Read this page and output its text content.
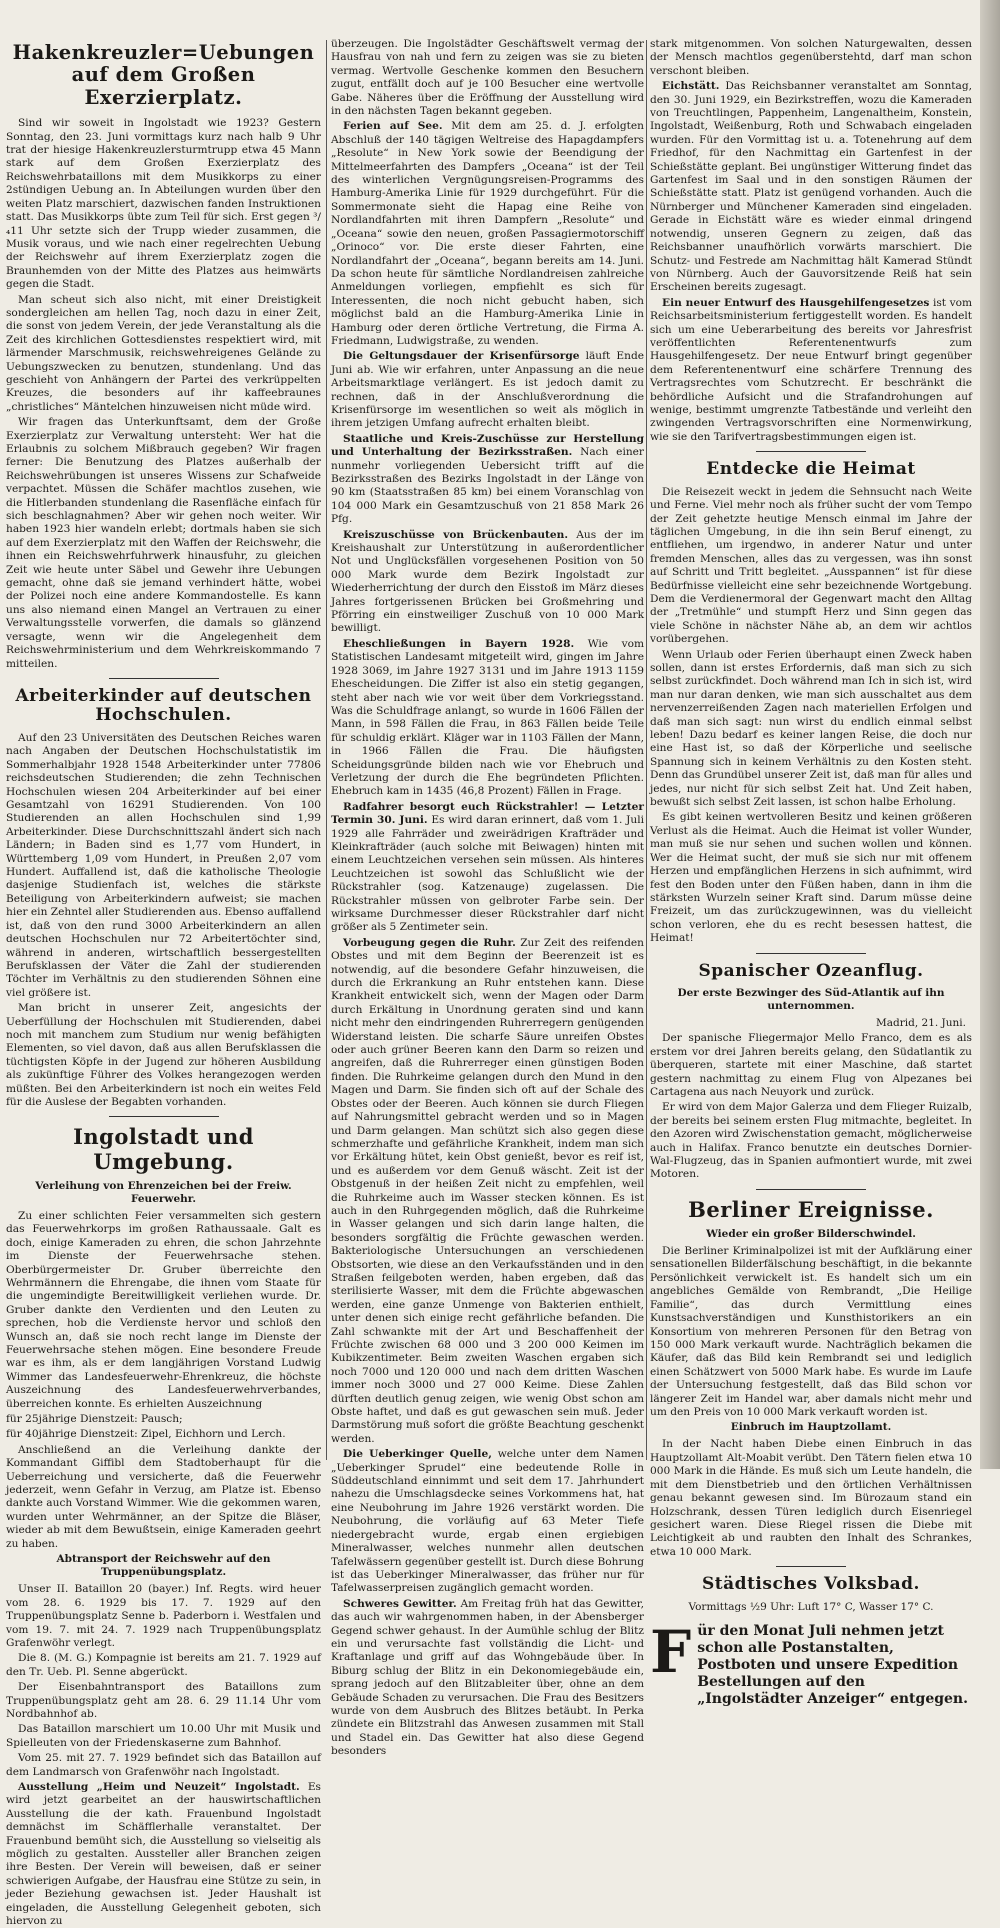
Hakenkreuzler=Uebungen auf dem Großen Exerzierplatz.

Sind wir soweit in Ingolstadt wie 1923? Gestern Sonntag, den 23. Juni vormittags kurz nach halb 9 Uhr trat der hiesige Hakenkreuzlersturmtrupp etwa 45 Mann stark auf dem Großen Exerzierplatz des Reichswehrbataillons mit dem Musikkorps zu einer 2stündigen Uebung an. In Abteilungen wurden über den weiten Platz marschiert, dazwischen fanden Instruktionen statt. Das Musikkorps übte zum Teil für sich. Erst gegen ³/₄11 Uhr setzte sich der Trupp wieder zusammen, die Musik voraus, und wie nach einer regelrechten Uebung der Reichswehr auf ihrem Exerzierplatz zogen die Braunhemden von der Mitte des Platzes aus heimwärts gegen die Stadt.

Man scheut sich also nicht, mit einer Dreistigkeit sondergleichen am hellen Tag, noch dazu in einer Zeit, die sonst von jedem Verein, der jede Veranstaltung als die Zeit des kirchlichen Gottesdienstes respektiert wird, mit lärmender Marschmusik, reichswehreigenes Gelände zu Uebungszwecken zu benutzen, stundenlang. Und das geschieht von Anhängern der Partei des verkrüppelten Kreuzes, die besonders auf ihr kaffeebraunes „christliches“ Mäntelchen hinzuweisen nicht müde wird.

Wir fragen das Unterkunftsamt, dem der Große Exerzierplatz zur Verwaltung untersteht: Wer hat die Erlaubnis zu solchem Mißbrauch gegeben? Wir fragen ferner: Die Benutzung des Platzes außerhalb der Reichswehrübungen ist unseres Wissens zur Schafweide verpachtet. Müssen die Schäfer machtlos zusehen, wie die Hitlerbanden stundenlang die Rasenfläche einfach für sich beschlagnahmen? Aber wir gehen noch weiter. Wir haben 1923 hier wandeln erlebt; dortmals haben sie sich auf dem Exerzierplatz mit den Waffen der Reichswehr, die ihnen ein Reichswehrfuhrwerk hinausfuhr, zu gleichen Zeit wie heute unter Säbel und Gewehr ihre Uebungen gemacht, ohne daß sie jemand verhindert hätte, wobei der Polizei noch eine andere Kommandostelle. Es kann uns also niemand einen Mangel an Vertrauen zu einer Verwaltungsstelle vorwerfen, die damals so glänzend versagte, wenn wir die Angelegenheit dem Reichswehrministerium und dem Wehrkreiskommando 7 mitteilen.

Arbeiterkinder auf deutschen Hochschulen.

Auf den 23 Universitäten des Deutschen Reiches waren nach Angaben der Deutschen Hochschulstatistik im Sommerhalbjahr 1928 1548 Arbeiterkinder unter 77806 reichsdeutschen Studierenden; die zehn Technischen Hochschulen wiesen 204 Arbeiterkinder auf bei einer Gesamtzahl von 16291 Studierenden. Von 100 Studierenden an allen Hochschulen sind 1,99 Arbeiterkinder. Diese Durchschnittszahl ändert sich nach Ländern; in Baden sind es 1,77 vom Hundert, in Württemberg 1,09 vom Hundert, in Preußen 2,07 vom Hundert. Auffallend ist, daß die katholische Theologie dasjenige Studienfach ist, welches die stärkste Beteiligung von Arbeiterkindern aufweist; sie machen hier ein Zehntel aller Studierenden aus. Ebenso auffallend ist, daß von den rund 3000 Arbeiterkindern an allen deutschen Hochschulen nur 72 Arbeitertöchter sind, während in anderen, wirtschaftlich bessergestellten Berufsklassen der Väter die Zahl der studierenden Töchter im Verhältnis zu den studierenden Söhnen eine viel größere ist.

Man bricht in unserer Zeit, angesichts der Ueberfüllung der Hochschulen mit Studierenden, dabei noch mit manchem zum Studium nur wenig befähigten Elementen, so viel davon, daß aus allen Berufsklassen die tüchtigsten Köpfe in der Jugend zur höheren Ausbildung als zukünftige Führer des Volkes herangezogen werden müßten. Bei den Arbeiterkindern ist noch ein weites Feld für die Auslese der Begabten vorhanden.

Ingolstadt und Umgebung.
Verleihung von Ehrenzeichen bei der Freiw. Feuerwehr.

Zu einer schlichten Feier versammelten sich gestern das Feuerwehrkorps im großen Rathaussaale. Galt es doch, einige Kameraden zu ehren, die schon Jahrzehnte im Dienste der Feuerwehrsache stehen. Oberbürgermeister Dr. Gruber überreichte den Wehrmännern die Ehrengabe, die ihnen vom Staate für die ungemindigte Bereitwilligkeit verliehen wurde. Dr. Gruber dankte den Verdienten und den Leuten zu sprechen, hob die Verdienste hervor und schloß den Wunsch an, daß sie noch recht lange im Dienste der Feuerwehrsache stehen mögen. Eine besondere Freude war es ihm, als er dem langjährigen Vorstand Ludwig Wimmer das Landesfeuerwehr-Ehrenkreuz, die höchste Auszeichnung des Landesfeuerwehrverbandes, überreichen konnte. Es erhielten Auszeichnung

für 25jährige Dienstzeit: Pausch;

für 40jährige Dienstzeit: Zipel, Eichhorn und Lerch.

Anschließend an die Verleihung dankte der Kommandant Giffibl dem Stadtoberhaupt für die Ueberreichung und versicherte, daß die Feuerwehr jederzeit, wenn Gefahr in Verzug, am Platze ist. Ebenso dankte auch Vorstand Wimmer. Wie die gekommen waren, wurden unter Wehrmänner, an der Spitze die Bläser, wieder ab mit dem Bewußtsein, einige Kameraden geehrt zu haben.

Abtransport der Reichswehr auf den Truppenübungsplatz.

Unser II. Bataillon 20 (bayer.) Inf. Regts. wird heuer vom 28. 6. 1929 bis 17. 7. 1929 auf den Truppenübungsplatz Senne b. Paderborn i. Westfalen und vom 19. 7. mit 24. 7. 1929 nach Truppenübungsplatz Grafenwöhr verlegt.

Die 8. (M. G.) Kompagnie ist bereits am 21. 7. 1929 auf den Tr. Ueb. Pl. Senne abgerückt.

Der Eisenbahntransport des Bataillons zum Truppenübungsplatz geht am 28. 6. 29 11.14 Uhr vom Nordbahnhof ab.

Das Bataillon marschiert um 10.00 Uhr mit Musik und Spielleuten von der Friedenskaserne zum Bahnhof.

Vom 25. mit 27. 7. 1929 befindet sich das Bataillon auf dem Landmarsch von Grafenwöhr nach Ingolstadt.

Ausstellung „Heim und Neuzeit“ Ingolstadt. Es wird jetzt gearbeitet an der hauswirtschaftlichen Ausstellung die der kath. Frauenbund Ingolstadt demnächst im Schäfflerhalle veranstaltet. Der Frauenbund bemüht sich, die Ausstellung so vielseitig als möglich zu gestalten. Aussteller aller Branchen zeigen ihre Besten. Der Verein will beweisen, daß er seiner schwierigen Aufgabe, der Hausfrau eine Stütze zu sein, in jeder Beziehung gewachsen ist. Jeder Haushalt ist eingeladen, die Ausstellung Gelegenheit geboten, sich hiervon zu

überzeugen. Die Ingolstädter Geschäftswelt vermag der Hausfrau von nah und fern zu zeigen was sie zu bieten vermag. Wertvolle Geschenke kommen den Besuchern zugut, entfällt doch auf je 100 Besucher eine wertvolle Gabe. Näheres über die Eröffnung der Ausstellung wird in den nächsten Tagen bekannt gegeben.

Ferien auf See. Mit dem am 25. d. J. erfolgten Abschluß der 140 tägigen Weltreise des Hapagdampfers „Resolute“ in New York sowie der Beendigung der Mittelmeerfahrten des Dampfers „Oceana“ ist der Teil des winterlichen Vergnügungsreisen-Programms des Hamburg-Amerika Linie für 1929 durchgeführt. Für die Sommermonate sieht die Hapag eine Reihe von Nordlandfahrten mit ihren Dampfern „Resolute“ und „Oceana“ sowie den neuen, großen Passagiermotorschiff „Orinoco“ vor. Die erste dieser Fahrten, eine Nordlandfahrt der „Oceana“, begann bereits am 14. Juni. Da schon heute für sämtliche Nordlandreisen zahlreiche Anmeldungen vorliegen, empfiehlt es sich für Interessenten, die noch nicht gebucht haben, sich möglichst bald an die Hamburg-Amerika Linie in Hamburg oder deren örtliche Vertretung, die Firma A. Friedmann, Ludwigstraße, zu wenden.

Die Geltungsdauer der Krisenfürsorge läuft Ende Juni ab. Wie wir erfahren, unter Anpassung an die neue Arbeitsmarktlage verlängert. Es ist jedoch damit zu rechnen, daß in der Anschlußverordnung die Krisenfürsorge im wesentlichen so weit als möglich in ihrem jetzigen Umfang aufrecht erhalten bleibt.

Staatliche und Kreis-Zuschüsse zur Herstellung und Unterhaltung der Bezirksstraßen. Nach einer nunmehr vorliegenden Uebersicht trifft auf die Bezirksstraßen des Bezirks Ingolstadt in der Länge von 90 km (Staatsstraßen 85 km) bei einem Voranschlag von 104 000 Mark ein Gesamtzuschuß von 21 858 Mark 26 Pfg.

Kreiszuschüsse von Brückenbauten. Aus der im Kreishaushalt zur Unterstützung in außerordentlicher Not und Unglücksfällen vorgesehenen Position von 50 000 Mark wurde dem Bezirk Ingolstadt zur Wiederherrichtung der durch den Eisstoß im März dieses Jahres fortgerissenen Brücken bei Großmehring und Pförring ein einstweiliger Zuschuß von 10 000 Mark bewilligt.

Eheschließungen in Bayern 1928. Wie vom Statistischen Landesamt mitgeteilt wird, gingen im Jahre 1928 3069, im Jahre 1927 3131 und im Jahre 1913 1159 Ehescheidungen. Die Ziffer ist also ein stetig gegangen, steht aber nach wie vor weit über dem Vorkriegsstand. Was die Schuldfrage anlangt, so wurde in 1606 Fällen der Mann, in 598 Fällen die Frau, in 863 Fällen beide Teile für schuldig erklärt. Kläger war in 1103 Fällen der Mann, in 1966 Fällen die Frau. Die häufigsten Scheidungsgründe bilden nach wie vor Ehebruch und Verletzung der durch die Ehe begründeten Pflichten. Ehebruch kam in 1435 (46,8 Prozent) Fällen in Frage.

Radfahrer besorgt euch Rückstrahler! — Letzter Termin 30. Juni. Es wird daran erinnert, daß vom 1. Juli 1929 alle Fahrräder und zweirädrigen Krafträder und Kleinkrafträder (auch solche mit Beiwagen) hinten mit einem Leuchtzeichen versehen sein müssen. Als hinteres Leuchtzeichen ist sowohl das Schlußlicht wie der Rückstrahler (sog. Katzenauge) zugelassen. Die Rückstrahler müssen von gelbroter Farbe sein. Der wirksame Durchmesser dieser Rückstrahler darf nicht größer als 5 Zentimeter sein.

Vorbeugung gegen die Ruhr. Zur Zeit des reifenden Obstes und mit dem Beginn der Beerenzeit ist es notwendig, auf die besondere Gefahr hinzuweisen, die durch die Erkrankung an Ruhr entstehen kann. Diese Krankheit entwickelt sich, wenn der Magen oder Darm durch Erkältung in Unordnung geraten sind und kann nicht mehr den eindringenden Ruhrerregern genügenden Widerstand leisten. Die scharfe Säure unreifen Obstes oder auch grüner Beeren kann den Darm so reizen und angreifen, daß die Ruhrerreger einen günstigen Boden finden. Die Ruhrkeime gelangen durch den Mund in den Magen und Darm. Sie finden sich oft auf der Schale des Obstes oder der Beeren. Auch können sie durch Fliegen auf Nahrungsmittel gebracht werden und so in Magen und Darm gelangen. Man schützt sich also gegen diese schmerzhafte und gefährliche Krankheit, indem man sich vor Erkältung hütet, kein Obst genießt, bevor es reif ist, und es außerdem vor dem Genuß wäscht. Zeit ist der Obstgenuß in der heißen Zeit nicht zu empfehlen, weil die Ruhrkeime auch im Wasser stecken können. Es ist auch in den Ruhrgegenden möglich, daß die Ruhrkeime in Wasser gelangen und sich darin lange halten, die besonders sorgfältig die Früchte gewaschen werden. Bakteriologische Untersuchungen an verschiedenen Obstsorten, wie diese an den Verkaufsständen und in den Straßen feilgeboten werden, haben ergeben, daß das sterilisierte Wasser, mit dem die Früchte abgewaschen werden, eine ganze Unmenge von Bakterien enthielt, unter denen sich einige recht gefährliche befanden. Die Zahl schwankte mit der Art und Beschaffenheit der Früchte zwischen 68 000 und 3 200 000 Keimen im Kubikzentimeter. Beim zweiten Waschen ergaben sich noch 7000 und 120 000 und nach dem dritten Waschen immer noch 3000 und 27 000 Keime. Diese Zahlen dürften deutlich genug zeigen, wie wenig Obst schon am Obste haftet, und daß es gut gewaschen sein muß. Jeder Darmstörung muß sofort die größte Beachtung geschenkt werden.

Die Ueberkinger Quelle, welche unter dem Namen „Ueberkinger Sprudel“ eine bedeutende Rolle in Süddeutschland einnimmt und seit dem 17. Jahrhundert nahezu die Umschlagsdecke seines Vorkommens hat, hat eine Neubohrung im Jahre 1926 verstärkt worden. Die Neubohrung, die vorläufig auf 63 Meter Tiefe niedergebracht wurde, ergab einen ergiebigen Mineralwasser, welches nunmehr allen deutschen Tafelwässern gegenüber gestellt ist. Durch diese Bohrung ist das Ueberkinger Mineralwasser, das früher nur für Tafelwasserpreisen zugänglich gemacht worden.

Schweres Gewitter. Am Freitag früh hat das Gewitter, das auch wir wahrgenommen haben, in der Abensberger Gegend schwer gehaust. In der Aumühle schlug der Blitz ein und verursachte fast vollständig die Licht- und Kraftanlage und griff auf das Wohngebäude über. In Biburg schlug der Blitz in ein Dekonomiegebäude ein, sprang jedoch auf den Blitzableiter über, ohne an dem Gebäude Schaden zu verursachen. Die Frau des Besitzers wurde von dem Ausbruch des Blitzes betäubt. In Perka zündete ein Blitzstrahl das Anwesen zusammen mit Stall und Stadel ein. Das Gewitter hat also diese Gegend besonders

stark mitgenommen. Von solchen Naturgewalten, dessen der Mensch machtlos gegenüberstehtd, darf man schon verschont bleiben.

Eichstätt. Das Reichsbanner veranstaltet am Sonntag, den 30. Juni 1929, ein Bezirkstreffen, wozu die Kameraden von Treuchtlingen, Pappenheim, Langenaltheim, Konstein, Ingolstadt, Weißenburg, Roth und Schwabach eingeladen wurden. Für den Vormittag ist u. a. Totenehrung auf dem Friedhof, für den Nachmittag ein Gartenfest in der Schießstätte geplant. Bei ungünstiger Witterung findet das Gartenfest im Saal und in den sonstigen Räumen der Schießstätte statt. Platz ist genügend vorhanden. Auch die Nürnberger und Münchener Kameraden sind eingeladen. Gerade in Eichstätt wäre es wieder einmal dringend notwendig, unseren Gegnern zu zeigen, daß das Reichsbanner unaufhörlich vorwärts marschiert. Die Schutz- und Festrede am Nachmittag hält Kamerad Stündt von Nürnberg. Auch der Gauvorsitzende Reiß hat sein Erscheinen bereits zugesagt.

Ein neuer Entwurf des Hausgehilfengesetzes ist vom Reichsarbeitsministerium fertiggestellt worden. Es handelt sich um eine Ueberarbeitung des bereits vor Jahresfrist veröffentlichten Referentenentwurfs zum Hausgehilfengesetz. Der neue Entwurf bringt gegenüber dem Referentenentwurf eine schärfere Trennung des Vertragsrechtes vom Schutzrecht. Er beschränkt die behördliche Aufsicht und die Strafandrohungen auf wenige, bestimmt umgrenzte Tatbestände und verleiht den zwingenden Vertragsvorschriften eine Normenwirkung, wie sie den Tarifvertragsbestimmungen eigen ist.

Entdecke die Heimat

Die Reisezeit weckt in jedem die Sehnsucht nach Weite und Ferne. Viel mehr noch als früher sucht der vom Tempo der Zeit gehetzte heutige Mensch einmal im Jahre der täglichen Umgebung, in die ihn sein Beruf einengt, zu entfliehen, um irgendwo, in anderer Natur und unter fremden Menschen, alles das zu vergessen, was ihn sonst auf Schritt und Tritt begleitet. „Ausspannen“ ist für diese Bedürfnisse vielleicht eine sehr bezeichnende Wortgebung. Dem die Verdienermoral der Gegenwart macht den Alltag der „Tretmühle“ und stumpft Herz und Sinn gegen das viele Schöne in nächster Nähe ab, an dem wir achtlos vorübergehen.

Wenn Urlaub oder Ferien überhaupt einen Zweck haben sollen, dann ist erstes Erfordernis, daß man sich zu sich selbst zurückfindet. Doch während man Ich in sich ist, wird man nur daran denken, wie man sich ausschaltet aus dem nervenzerreißenden Zagen nach materiellen Erfolgen und daß man sich sagt: nun wirst du endlich einmal selbst leben! Dazu bedarf es keiner langen Reise, die doch nur eine Hast ist, so daß der Körperliche und seelische Spannung sich in keinem Verhältnis zu den Kosten steht. Denn das Grundübel unserer Zeit ist, daß man für alles und jedes, nur nicht für sich selbst Zeit hat. Und Zeit haben, bewußt sich selbst Zeit lassen, ist schon halbe Erholung.

Es gibt keinen wertvolleren Besitz und keinen größeren Verlust als die Heimat. Auch die Heimat ist voller Wunder, man muß sie nur sehen und suchen wollen und können. Wer die Heimat sucht, der muß sie sich nur mit offenem Herzen und empfänglichen Herzens in sich aufnimmt, wird fest den Boden unter den Füßen haben, dann in ihm die stärksten Wurzeln seiner Kraft sind. Darum müsse deine Freizeit, um das zurückzugewinnen, was du vielleicht schon verloren, ehe du es recht besessen hattest, die Heimat!

Spanischer Ozeanflug.
Der erste Bezwinger des Süd-Atlantik auf ihn unternommen.
Madrid, 21. Juni.

Der spanische Fliegermajor Mello Franco, dem es als erstem vor drei Jahren bereits gelang, den Südatlantik zu überqueren, startete mit einer Maschine, daß startet gestern nachmittag zu einem Flug von Alpezanes bei Cartagena aus nach Neuyork und zurück.

Er wird von dem Major Galerza und dem Flieger Ruizalb, der bereits bei seinem ersten Flug mitmachte, begleitet. In den Azoren wird Zwischenstation gemacht, möglicherweise auch in Halifax. Franco benutzte ein deutsches Dornier-Wal-Flugzeug, das in Spanien aufmontiert wurde, mit zwei Motoren.

Berliner Ereignisse.
Wieder ein großer Bilderschwindel.

Die Berliner Kriminalpolizei ist mit der Aufklärung einer sensationellen Bilderfälschung beschäftigt, in die bekannte Persönlichkeit verwickelt ist. Es handelt sich um ein angebliches Gemälde von Rembrandt, „Die Heilige Familie“, das durch Vermittlung eines Kunstsachverständigen und Kunsthistorikers an ein Konsortium von mehreren Personen für den Betrag von 150 000 Mark verkauft wurde. Nachträglich bekamen die Käufer, daß das Bild kein Rembrandt sei und lediglich einen Schätzwert von 5000 Mark habe. Es wurde im Laufe der Untersuchung festgestellt, daß das Bild schon vor längerer Zeit im Handel war, aber damals nicht mehr und um den Preis von 10 000 Mark verkauft worden ist.

Einbruch im Hauptzollamt.

In der Nacht haben Diebe einen Einbruch in das Hauptzollamt Alt-Moabit verübt. Den Tätern fielen etwa 10 000 Mark in die Hände. Es muß sich um Leute handeln, die mit dem Dienstbetrieb und den örtlichen Verhältnissen genau bekannt gewesen sind. Im Bürozaum stand ein Holzschrank, dessen Türen lediglich durch Eisenriegel gesichert waren. Diese Riegel rissen die Diebe mit Leichtigkeit ab und raubten den Inhalt des Schrankes, etwa 10 000 Mark.

Städtisches Volksbad.
Vormittags ½9 Uhr: Luft 17° C, Wasser 17° C.
F ür den Monat Juli nehmen jetzt schon alle Postanstalten, Postboten und unsere Expedition Bestellungen auf den „Ingolstädter Anzeiger“ entgegen.
